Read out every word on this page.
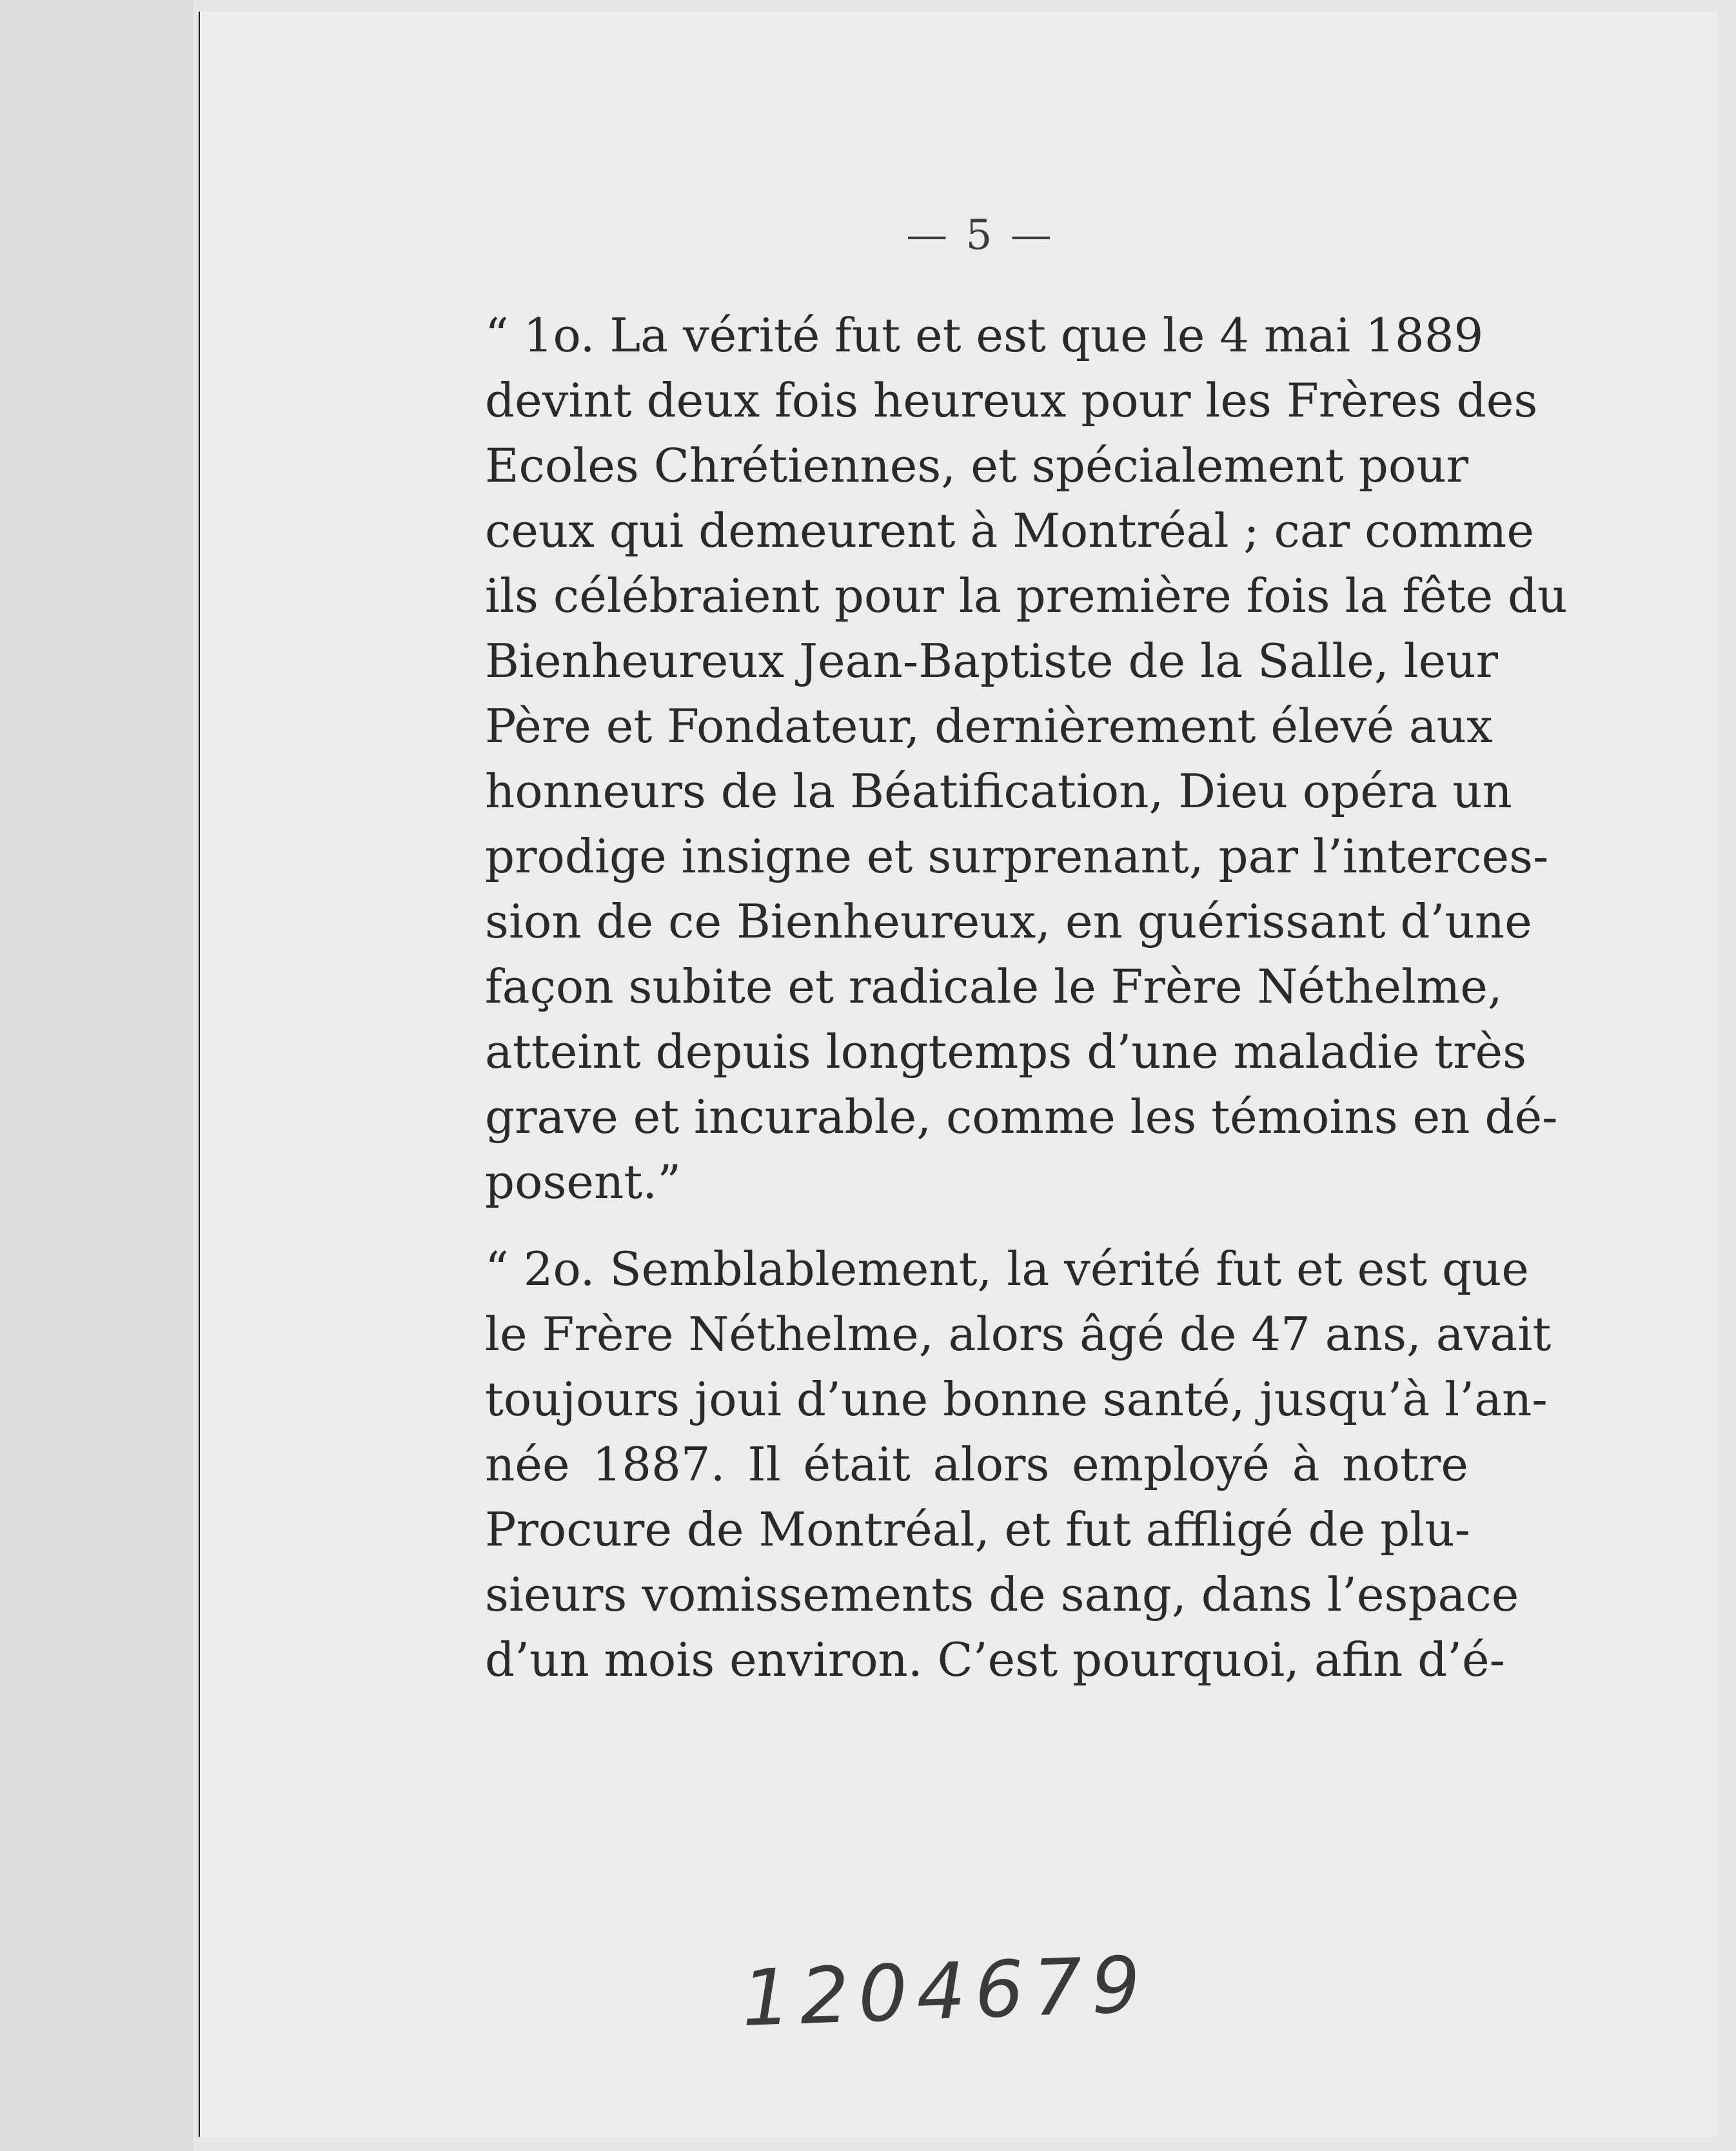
— 5 —
“ 1o. La vérité fut et est que le 4 mai 1889
devint deux fois heureux pour les Frères des
Ecoles Chrétiennes, et spécialement pour
ceux qui demeurent à Montréal ; car comme
ils célébraient pour la première fois la fête du
Bienheureux Jean-Baptiste de la Salle, leur
Père et Fondateur, dernièrement élevé aux
honneurs de la Béatification, Dieu opéra un
prodige insigne et surprenant, par l’interces-
sion de ce Bienheureux, en guérissant d’une
façon subite et radicale le Frère Néthelme,
atteint depuis longtemps d’une maladie très
grave et incurable, comme les témoins en dé-
posent.”
“ 2o. Semblablement, la vérité fut et est que
le Frère Néthelme, alors âgé de 47 ans, avait
toujours joui d’une bonne santé, jusqu’à l’an-
née 1887. Il était alors employé à notre
Procure de Montréal, et fut affligé de plu-
sieurs vomissements de sang, dans l’espace
d’un mois environ. C’est pourquoi, afin d’é-
1204679
